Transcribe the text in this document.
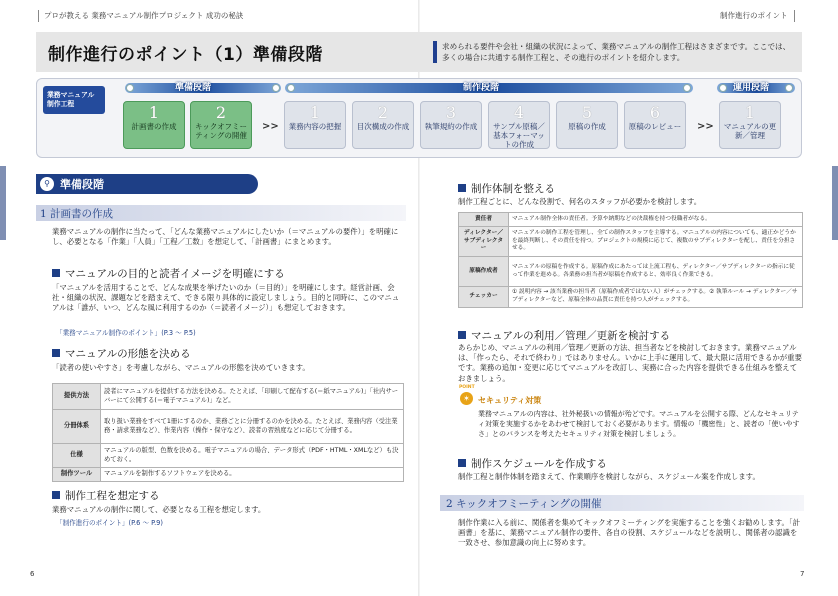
プロが教える 業務マニュアル制作プロジェクト 成功の秘訣	制作進行のポイント
制作進行のポイント（1）準備段階	求められる要件や会社・組織の状況によって、業務マニュアルの制作工程はさまざまです。ここでは、多くの場合に共通する制作工程と、その進行のポイントを紹介します。
業務マニュアル制作工程
準備段階	制作段階	運用段階
1
計画書の作成
2
キックオフミーティングの開催
>>
1
業務内容の把握
2
目次構成の作成
3
執筆規約の作成
4
サンプル原稿／基本フォーマットの作成
5
原稿の作成
6
原稿のレビュー	>>
1
マニュアルの更新／管理
⚲ 準備段階
1 計画書の作成
業務マニュアルの制作に当たって、「どんな業務マニュアルにしたいか（＝マニュアルの要件）」を明確にし、必要となる「作業」「人員」「工程／工数」を想定して、「計画書」にまとめます。
マニュアルの目的と読者イメージを明確にする
「マニュアルを活用することで、どんな成果を挙げたいのか（＝目的）」を明確にします。経営計画、会社・組織の状況、課題などを踏まえて、できる限り具体的に設定しましょう。目的と同時に、このマニュアルは「誰が、いつ、どんな風に利用するのか（＝読者イメージ）」も想定しておきます。
「業務マニュアル制作のポイント」(P.3 ～ P.5)
マニュアルの形態を決める
「読者の使いやすさ」を考慮しながら、マニュアルの形態を決めていきます。
提供方法	読者にマニュアルを提供する方法を決める。たとえば、「印刷して配布する(＝紙マニュアル)」「社内サーバーにて公開する(＝電子マニュアル)」など。
分冊体系	取り扱い業務をすべて1冊にするのか、業務ごとに分冊するのかを決める。たとえば、業務内容（受注業務・請求業務など）、作業内容（操作・保守など）、読者の習熟度などに応じて分冊する。
仕様	マニュアルの版型、色数を決める。電子マニュアルの場合、データ形式（PDF・HTML・XMLなど）も決めておく。
制作ツール	マニュアルを制作するソフトウェアを決める。
制作工程を想定する
業務マニュアルの制作に関して、必要となる工程を想定します。
「制作進行のポイント」(P.6 ～ P.9)
6
制作体制を整える
制作工程ごとに、どんな役割で、何名のスタッフが必要かを検討します。
責任者	マニュアル制作全体の責任者。予算や納期などの決裁権を持つ役職者がなる。
ディレクター／サブディレクター	マニュアルの制作工程を管理し、全ての制作スタッフを主導する。マニュアルの内容についても、適正かどうかを最終判断し、その責任を持つ。プロジェクトの規模に応じて、複数のサブディレクターを配し、責任を分担させる。
原稿作成者	マニュアルの原稿を作成する。原稿作成にあたっては上流工程も、ディレクター／サブディレクターの指示に従って作業を進める。各業務の担当者が原稿を作成すると、効率良く作業できる。
チェッカー	① 説明内容 → 該当業務の担当者（原稿作成者ではない人）がチェックする。② 執筆ルール → ディレクター／サブディレクターなど、原稿全体の品質に責任を持つ人がチェックする。
マニュアルの利用／管理／更新を検討する
あらかじめ、マニュアルの利用／管理／更新の方法、担当者などを検討しておきます。業務マニュアルは、「作ったら、それで終わり」ではありません。いかに上手に運用して、最大限に活用できるかが重要です。業務の追加・変更に応じてマニュアルを改訂し、実務に合った内容を提供できる仕組みを整えておきましょう。
POINT
✶	セキュリティ対策
業務マニュアルの内容は、社外秘扱いの情報が殆どです。マニュアルを公開する際、どんなセキュリティ対策を実施するかをあわせて検討しておく必要があります。情報の「機密性」と、読者の「使いやすさ」とのバランスを考えたセキュリティ対策を検討しましょう。
制作スケジュールを作成する
制作工程と制作体制を踏まえて、作業順序を検討しながら、スケジュール案を作成します。
2 キックオフミーティングの開催
制作作業に入る前に、関係者を集めてキックオフミーティングを実施することを強くお勧めします。「計画書」を基に、業務マニュアル制作の要件、各自の役割、スケジュールなどを説明し、関係者の認識を一致させ、参加意識の向上に努めます。
7
